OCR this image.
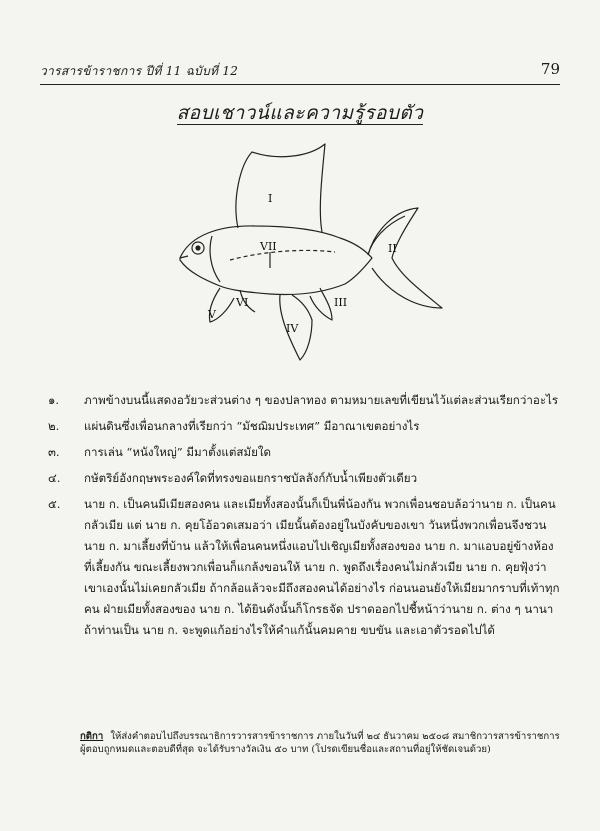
วารสารข้าราชการ ปีที่ 11 ฉบับที่ 12	79
สอบเชาวน์และความรู้รอบตัว
I
II
III
IV
V
VI
VII
๑. ภาพข้างบนนี้แสดงอวัยวะส่วนต่าง ๆ ของปลาทอง ตามหมายเลขที่เขียนไว้แต่ละส่วนเรียกว่าอะไร
๒. แผ่นดินซึ่งเพื่อนกลางที่เรียกว่า “มัชฌิมประเทศ” มีอาณาเขตอย่างไร
๓. การเล่น “หนังใหญ่” มีมาตั้งแต่สมัยใด
๔. กษัตริย์อังกฤษพระองค์ใดที่ทรงขอแยกราชบัลลังก์กับน้ำเพียงตัวเดียว
๕. นาย ก. เป็นคนมีเมียสองคน และเมียทั้งสองนั้นก็เป็นพี่น้องกัน พวกเพื่อนชอบล้อว่านาย ก. เป็นคนกลัวเมีย แต่ นาย ก. คุยโอ้อวดเสมอว่า เมียนั้นต้องอยู่ในบังคับของเขา วันหนึ่งพวกเพื่อนจึงชวนนาย ก. มาเลี้ยงที่บ้าน แล้วให้เพื่อนคนหนึ่งแอบไปเชิญเมียทั้งสองของ นาย ก. มาแอบอยู่ข้างห้องที่เลี้ยงกัน ขณะเลี้ยงพวกเพื่อนก็แกล้งขอนให้ นาย ก. พูดถึงเรื่องคนไม่กลัวเมีย นาย ก. คุยฟุ้งว่า เขาเองนั้นไม่เคยกลัวเมีย ถ้ากล้อแล้วจะมีถึงสองคนได้อย่างไร ก่อนนอนยังให้เมียมากราบที่เท้าทุกคน ฝ่ายเมียทั้งสองของ นาย ก. ได้ยินดังนั้นก็โกรธจัด ปราดออกไปชี้หน้าว่านาย ก. ต่าง ๆ นานา ถ้าท่านเป็น นาย ก. จะพูดแก้อย่างไรให้คำแก้นั้นคมคาย ขบขัน และเอาตัวรอดไปได้
กติกา ให้ส่งคำตอบไปถึงบรรณาธิการวารสารข้าราชการ ภายในวันที่ ๒๔ ธันวาคม ๒๕๐๘ สมาชิกวารสารข้าราชการผู้ตอบถูกหมดและตอบดีที่สุด จะได้รับรางวัลเงิน ๕๐ บาท (โปรดเขียนชื่อและสถานที่อยู่ให้ชัดเจนด้วย)
